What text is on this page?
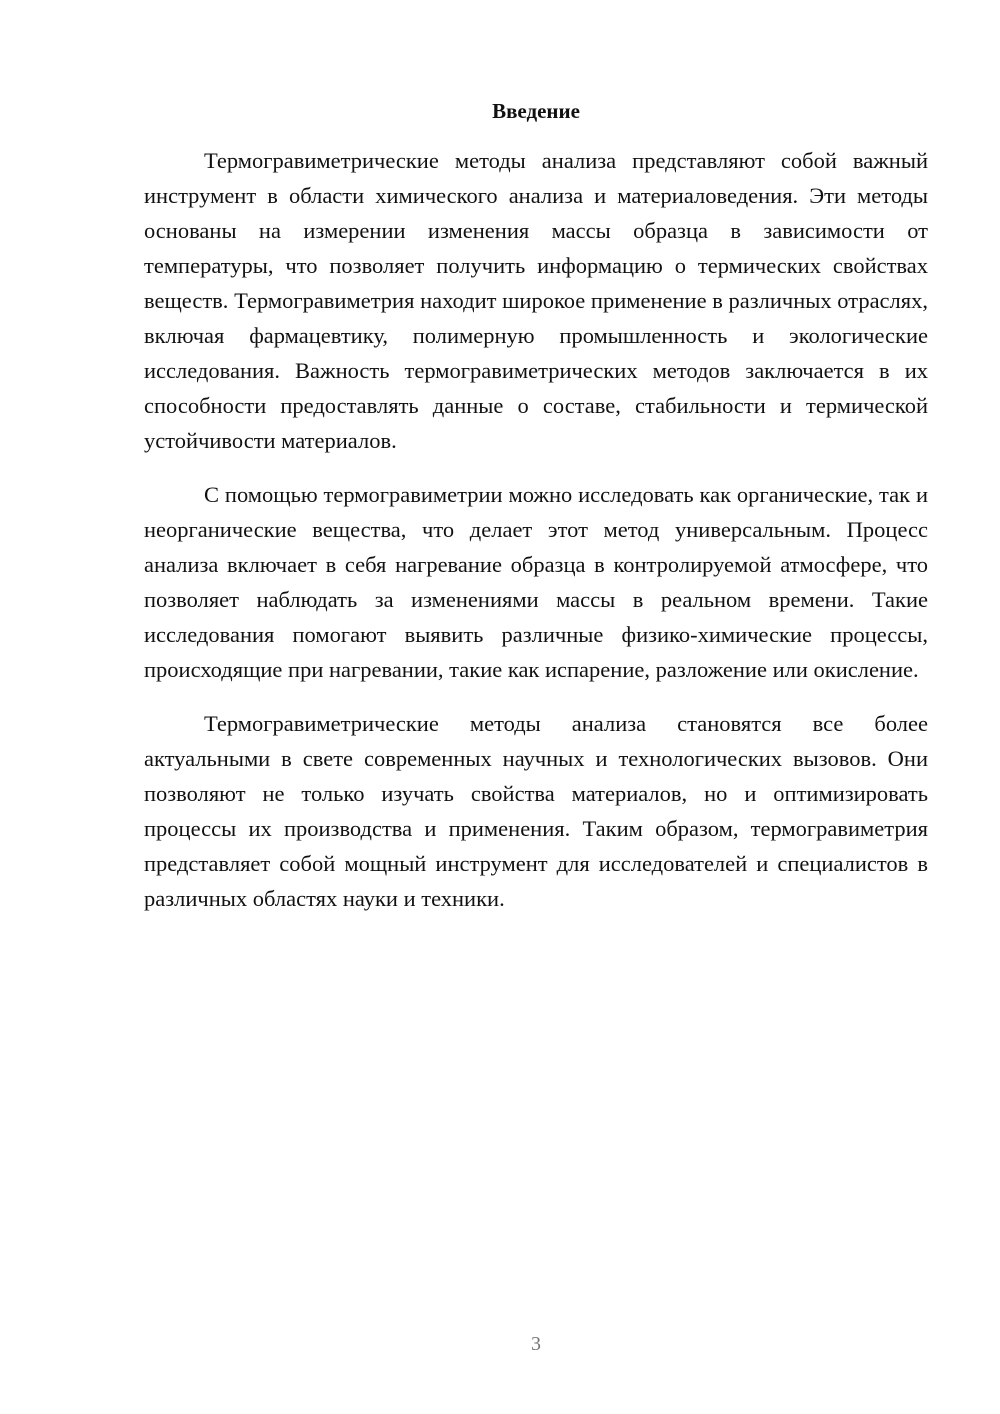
Введение

Термогравиметрические методы анализа представляют собой важный инструмент в области химического анализа и материаловедения. Эти методы основаны на измерении изменения массы образца в зависимости от температуры, что позволяет получить информацию о термических свойствах веществ. Термогравиметрия находит широкое применение в различных отраслях, включая фармацевтику, полимерную промышленность и экологические исследования. Важность термогравиметрических методов заключается в их способности предоставлять данные о составе, стабильности и термической устойчивости материалов.

С помощью термогравиметрии можно исследовать как органические, так и неорганические вещества, что делает этот метод универсальным. Процесс анализа включает в себя нагревание образца в контролируемой атмосфере, что позволяет наблюдать за изменениями массы в реальном времени. Такие исследования помогают выявить различные физико-химические процессы, происходящие при нагревании, такие как испарение, разложение или окисление.

Термогравиметрические методы анализа становятся все более актуальными в свете современных научных и технологических вызовов. Они позволяют не только изучать свойства материалов, но и оптимизировать процессы их производства и применения. Таким образом, термогравиметрия представляет собой мощный инструмент для исследователей и специалистов в различных областях науки и техники.

3
